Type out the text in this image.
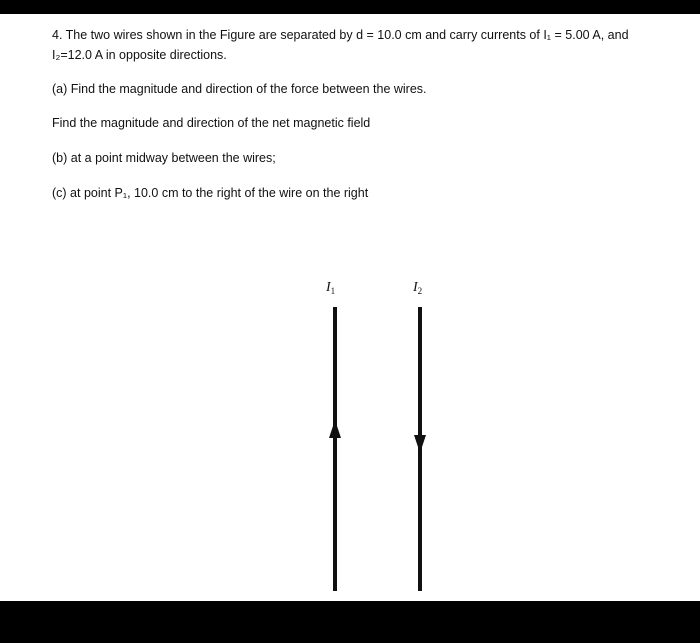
4. The two wires shown in the Figure are separated by d = 10.0 cm and carry currents of I₁ = 5.00 A, and
I₂=12.0 A in opposite directions.
(a) Find the magnitude and direction of the force between the wires.
Find the magnitude and direction of the net magnetic field
(b) at a point midway between the wires;
(c) at point P₁, 10.0 cm to the right of the wire on the right
$I_1$	$I_2$
